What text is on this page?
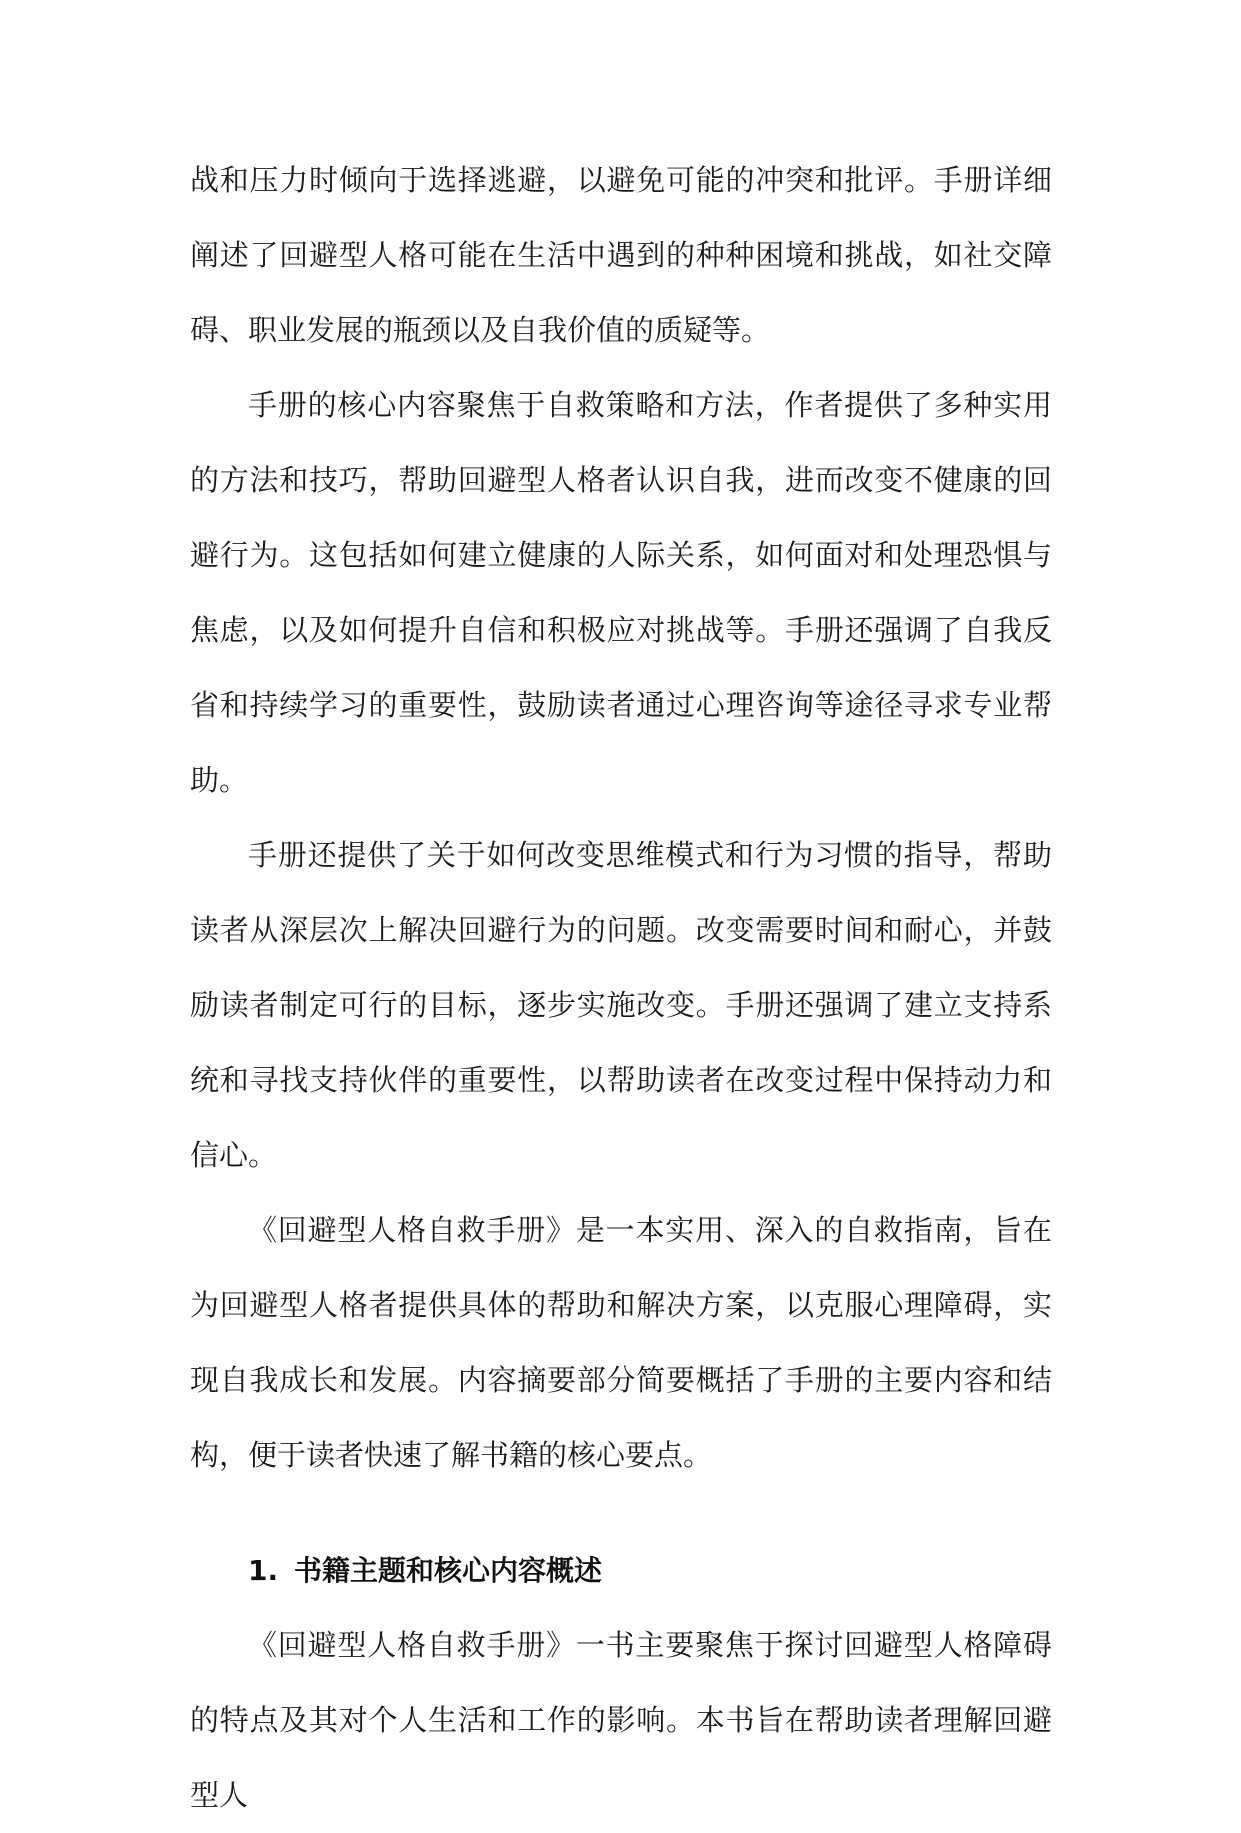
战和压力时倾向于选择逃避，以避免可能的冲突和批评。手册详细阐述了回避型人格可能在生活中遇到的种种困境和挑战，如社交障碍、职业发展的瓶颈以及自我价值的质疑等。

手册的核心内容聚焦于自救策略和方法，作者提供了多种实用的方法和技巧，帮助回避型人格者认识自我，进而改变不健康的回避行为。这包括如何建立健康的人际关系，如何面对和处理恐惧与焦虑，以及如何提升自信和积极应对挑战等。手册还强调了自我反省和持续学习的重要性，鼓励读者通过心理咨询等途径寻求专业帮助。

手册还提供了关于如何改变思维模式和行为习惯的指导，帮助读者从深层次上解决回避行为的问题。改变需要时间和耐心，并鼓励读者制定可行的目标，逐步实施改变。手册还强调了建立支持系统和寻找支持伙伴的重要性，以帮助读者在改变过程中保持动力和信心。

《回避型人格自救手册》是一本实用、深入的自救指南，旨在为回避型人格者提供具体的帮助和解决方案，以克服心理障碍，实现自我成长和发展。内容摘要部分简要概括了手册的主要内容和结构，便于读者快速了解书籍的核心要点。

1. 书籍主题和核心内容概述

《回避型人格自救手册》一书主要聚焦于探讨回避型人格障碍的特点及其对个人生活和工作的影响。本书旨在帮助读者理解回避型人
